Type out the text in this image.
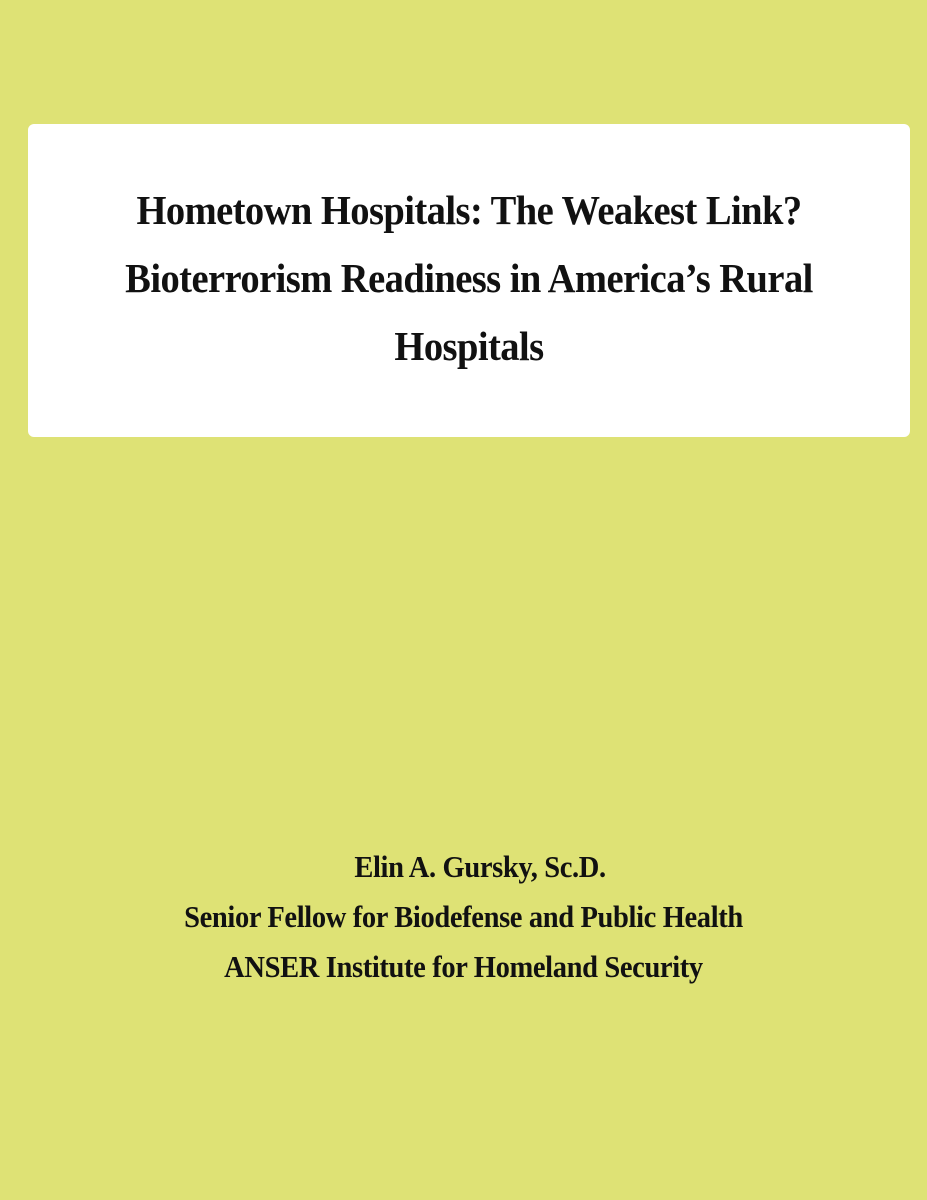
Hometown Hospitals: The Weakest Link?
Bioterrorism Readiness in America’s Rural
Hospitals
Elin A. Gursky, Sc.D.
Senior Fellow for Biodefense and Public Health
ANSER Institute for Homeland Security
